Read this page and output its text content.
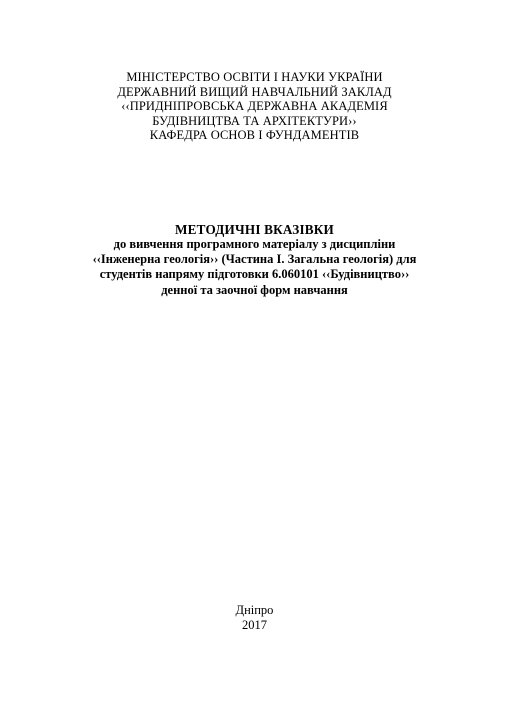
МІНІСТЕРСТВО ОСВІТИ І НАУКИ УКРАЇНИ
ДЕРЖАВНИЙ ВИЩИЙ НАВЧАЛЬНИЙ ЗАКЛАД
‹‹ПРИДНІПРОВСЬКА ДЕРЖАВНА АКАДЕМІЯ
БУДІВНИЦТВА ТА АРХІТЕКТУРИ››
КАФЕДРА ОСНОВ І ФУНДАМЕНТІВ
МЕТОДИЧНІ ВКАЗІВКИ
до вивчення програмного матеріалу з дисципліни
‹‹Інженерна геологія›› (Частина І. Загальна геологія) для
студентів напряму підготовки 6.060101 ‹‹Будівництво››
денної та заочної форм навчання
Дніпро
2017
